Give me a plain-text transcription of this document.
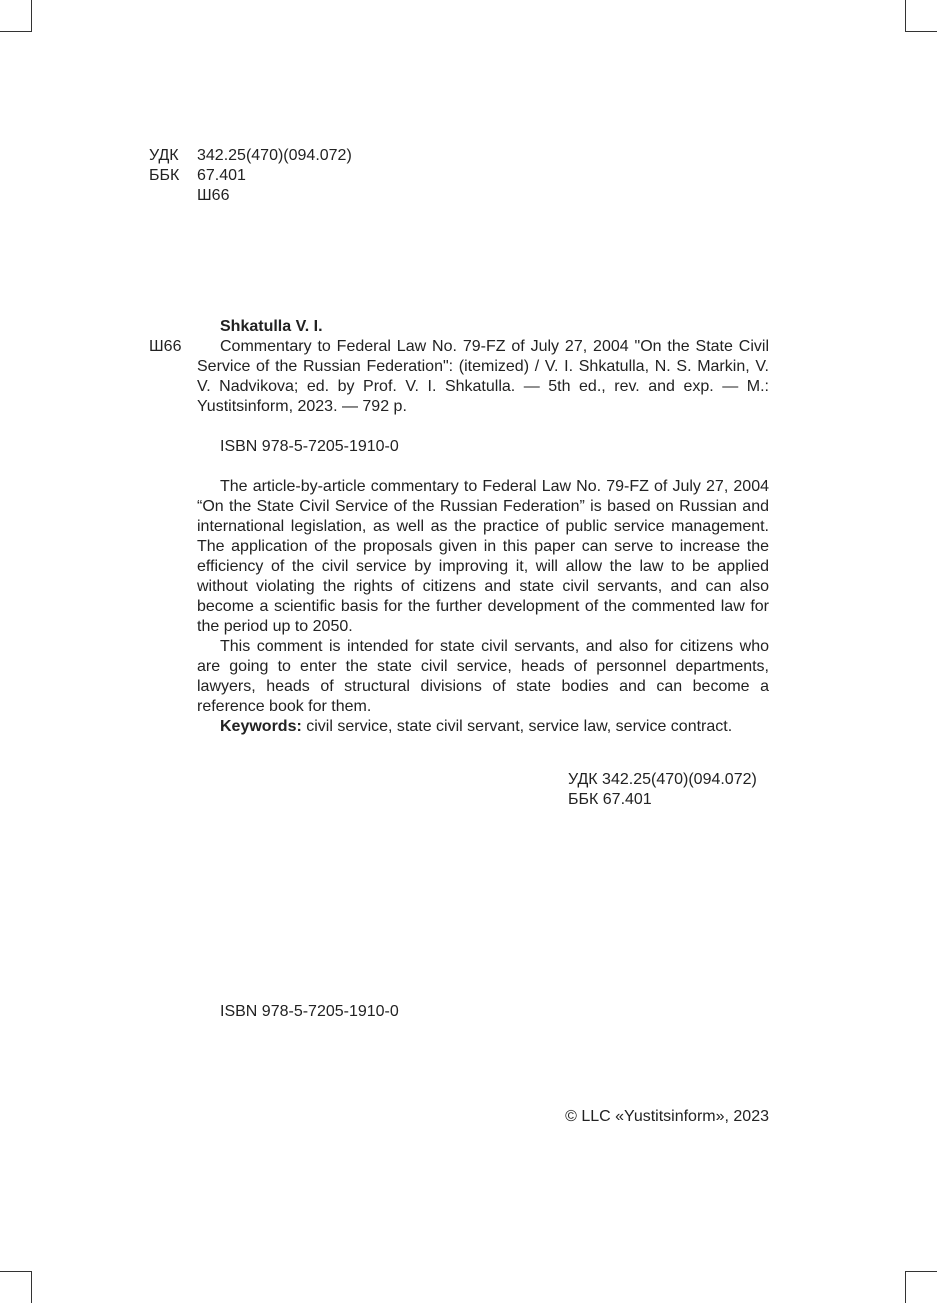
УДК	342.25(470)(094.072)
ББК	67.401
Ш66
Shkatulla V. I.
Ш66	Commentary to Federal Law No. 79-FZ of July 27, 2004 "On the State Civil Service of the Russian Federation": (itemized) / V. I. Shkatulla, N. S. Markin, V. V. Nadvikova; ed. by Prof. V. I. Shkatulla. — 5th ed., rev. and exp. — M.: Yustitsinform, 2023. — 792 p.

ISBN 978-5-7205-1910-0

The article-by-article commentary to Federal Law No. 79-FZ of July 27, 2004 “On the State Civil Service of the Russian Federation” is based on Russian and international legislation, as well as the practice of public service management. The application of the proposals given in this paper can serve to increase the efficiency of the civil service by improving it, will allow the law to be applied without violating the rights of citizens and state civil servants, and can also become a scientific basis for the further development of the commented law for the period up to 2050.

This comment is intended for state civil servants, and also for citizens who are going to enter the state civil service, heads of personnel departments, lawyers, heads of structural divisions of state bodies and can become a reference book for them.

Keywords: civil service, state civil servant, service law, service contract.

УДК 342.25(470)(094.072)
ББК 67.401
ISBN 978-5-7205-1910-0
© LLC «Yustitsinform», 2023
